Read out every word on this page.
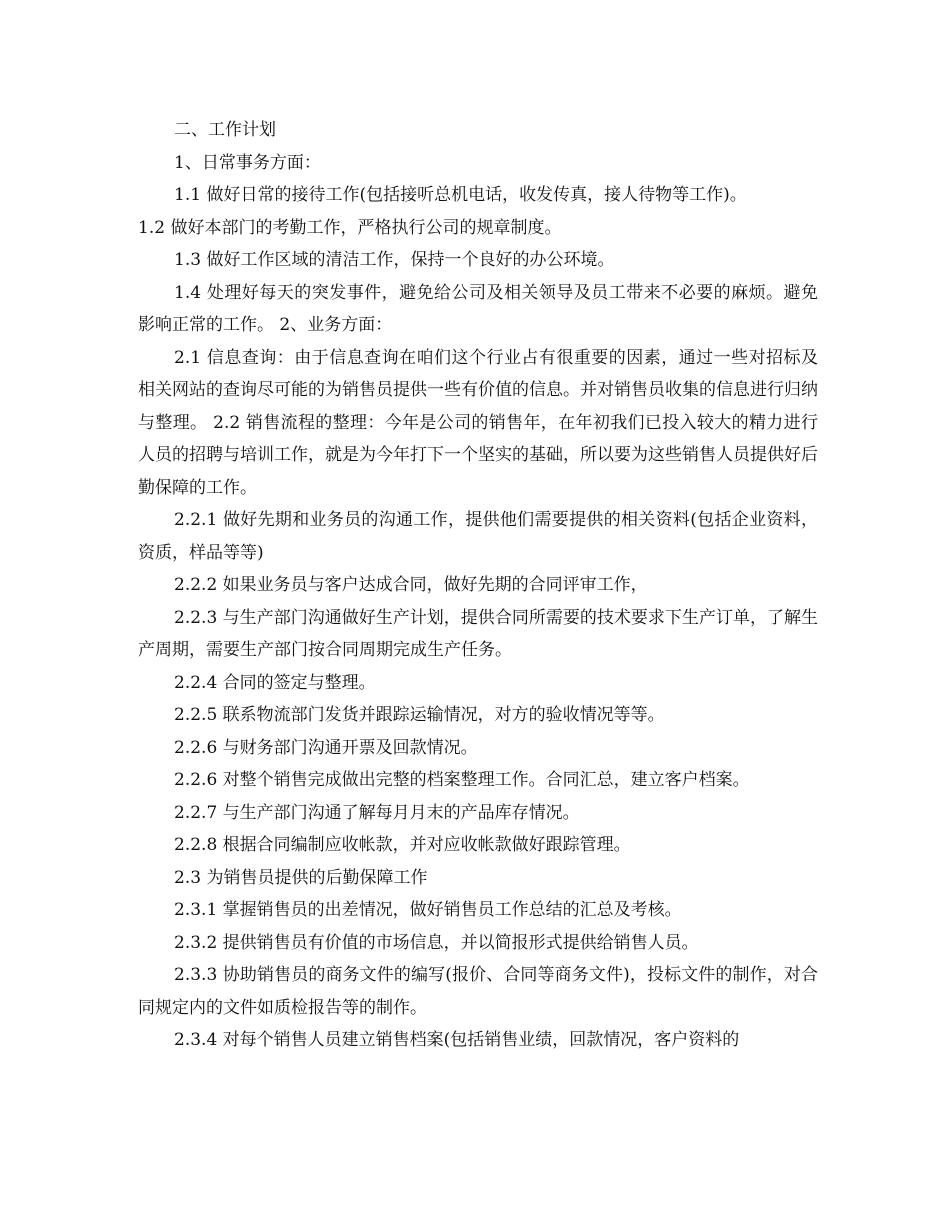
二、工作计划

1、日常事务方面：

1.1 做好日常的接待工作(包括接听总机电话，收发传真，接人待物等工作)。

1.2 做好本部门的考勤工作，严格执行公司的规章制度。

1.3 做好工作区域的清洁工作，保持一个良好的办公环境。

1.4 处理好每天的突发事件，避免给公司及相关领导及员工带来不必要的麻烦。避免影响正常的工作。 2、业务方面：

2.1 信息查询：由于信息查询在咱们这个行业占有很重要的因素，通过一些对招标及相关网站的查询尽可能的为销售员提供一些有价值的信息。并对销售员收集的信息进行归纳与整理。 2.2 销售流程的整理：今年是公司的销售年，在年初我们已投入较大的精力进行人员的招聘与培训工作，就是为今年打下一个坚实的基础，所以要为这些销售人员提供好后勤保障的工作。

2.2.1 做好先期和业务员的沟通工作，提供他们需要提供的相关资料(包括企业资料，资质，样品等等)

2.2.2 如果业务员与客户达成合同，做好先期的合同评审工作，

2.2.3 与生产部门沟通做好生产计划，提供合同所需要的技术要求下生产订单，了解生产周期，需要生产部门按合同周期完成生产任务。

2.2.4 合同的签定与整理。

2.2.5 联系物流部门发货并跟踪运输情况，对方的验收情况等等。

2.2.6 与财务部门沟通开票及回款情况。

2.2.6 对整个销售完成做出完整的档案整理工作。合同汇总，建立客户档案。

2.2.7 与生产部门沟通了解每月月末的产品库存情况。

2.2.8 根据合同编制应收帐款，并对应收帐款做好跟踪管理。

2.3 为销售员提供的后勤保障工作

2.3.1 掌握销售员的出差情况，做好销售员工作总结的汇总及考核。

2.3.2 提供销售员有价值的市场信息，并以简报形式提供给销售人员。

2.3.3 协助销售员的商务文件的编写(报价、合同等商务文件)，投标文件的制作，对合同规定内的文件如质检报告等的制作。

2.3.4 对每个销售人员建立销售档案(包括销售业绩，回款情况，客户资料的
